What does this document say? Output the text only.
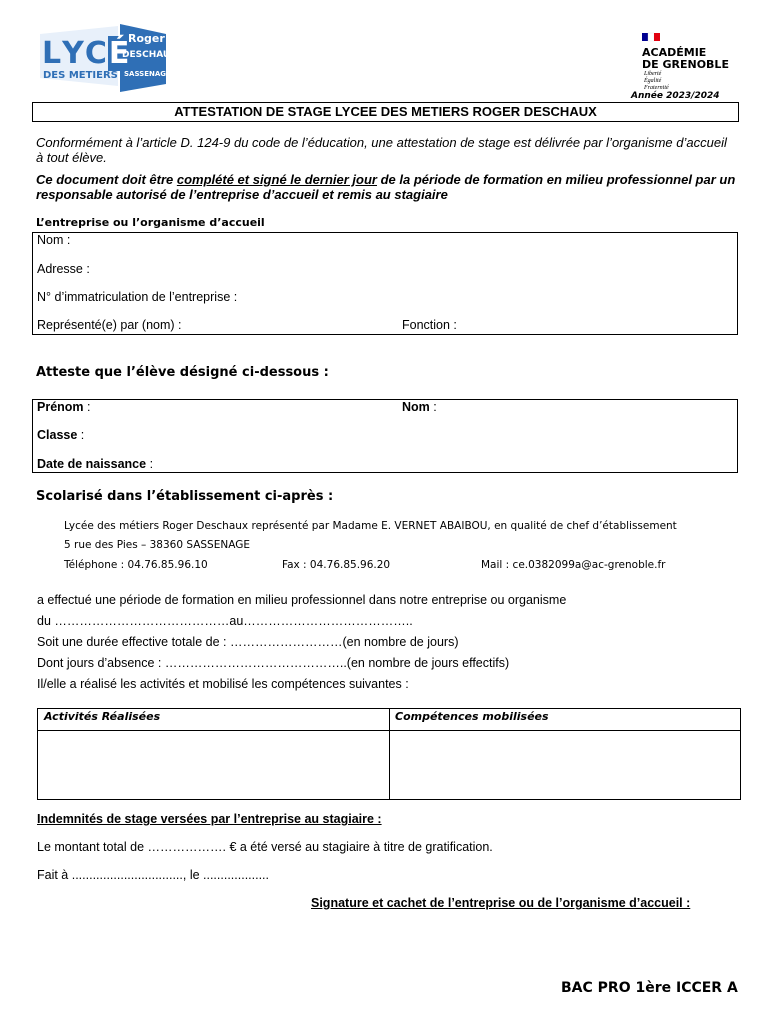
L Y C É
DES METIERS
Roger
DESCHAUX
SASSENAGE
ACADÉMIE
DE GRENOBLE
Liberté
Égalité
Fraternité
Année 2023/2024
ATTESTATION DE STAGE LYCEE DES METIERS ROGER DESCHAUX
Conformément à l’article D. 124-9 du code de l’éducation, une attestation de stage est délivrée par l’organisme d’accueil à tout élève.
Ce document doit être complété et signé le dernier jour de la période de formation en milieu professionnel par un responsable autorisé de l’entreprise d’accueil et remis au stagiaire
L’entreprise ou l’organisme d’accueil
Nom :
Adresse :
N° d’immatriculation de l’entreprise :
Représenté(e) par (nom) :	Fonction :
Atteste que l’élève désigné ci-dessous :
Prénom :	Nom :
Classe :
Date de naissance :
Scolarisé dans l’établissement ci-après :
Lycée des métiers Roger Deschaux représenté par Madame E. VERNET ABAIBOU, en qualité de chef d’établissement
5 rue des Pies – 38360 SASSENAGE
Téléphone : 04.76.85.96.10	Fax : 04.76.85.96.20	Mail : ce.0382099a@ac-grenoble.fr
a effectué une période de formation en milieu professionnel dans notre entreprise ou organisme
du ……………………………………au…………………………………..
Soit une durée effective totale de : ………………………(en nombre de jours)
Dont jours d’absence : ……………………………………..(en nombre de jours effectifs)
Il/elle a réalisé les activités et mobilisé les compétences suivantes :
Activités Réalisées	Compétences mobilisées
Indemnités de stage versées par l’entreprise au stagiaire :
Le montant total de ………………. € a été versé au stagiaire à titre de gratification.
Fait à ................................, le ...................
Signature et cachet de l’entreprise ou de l’organisme d’accueil :
BAC PRO 1ère ICCER A
